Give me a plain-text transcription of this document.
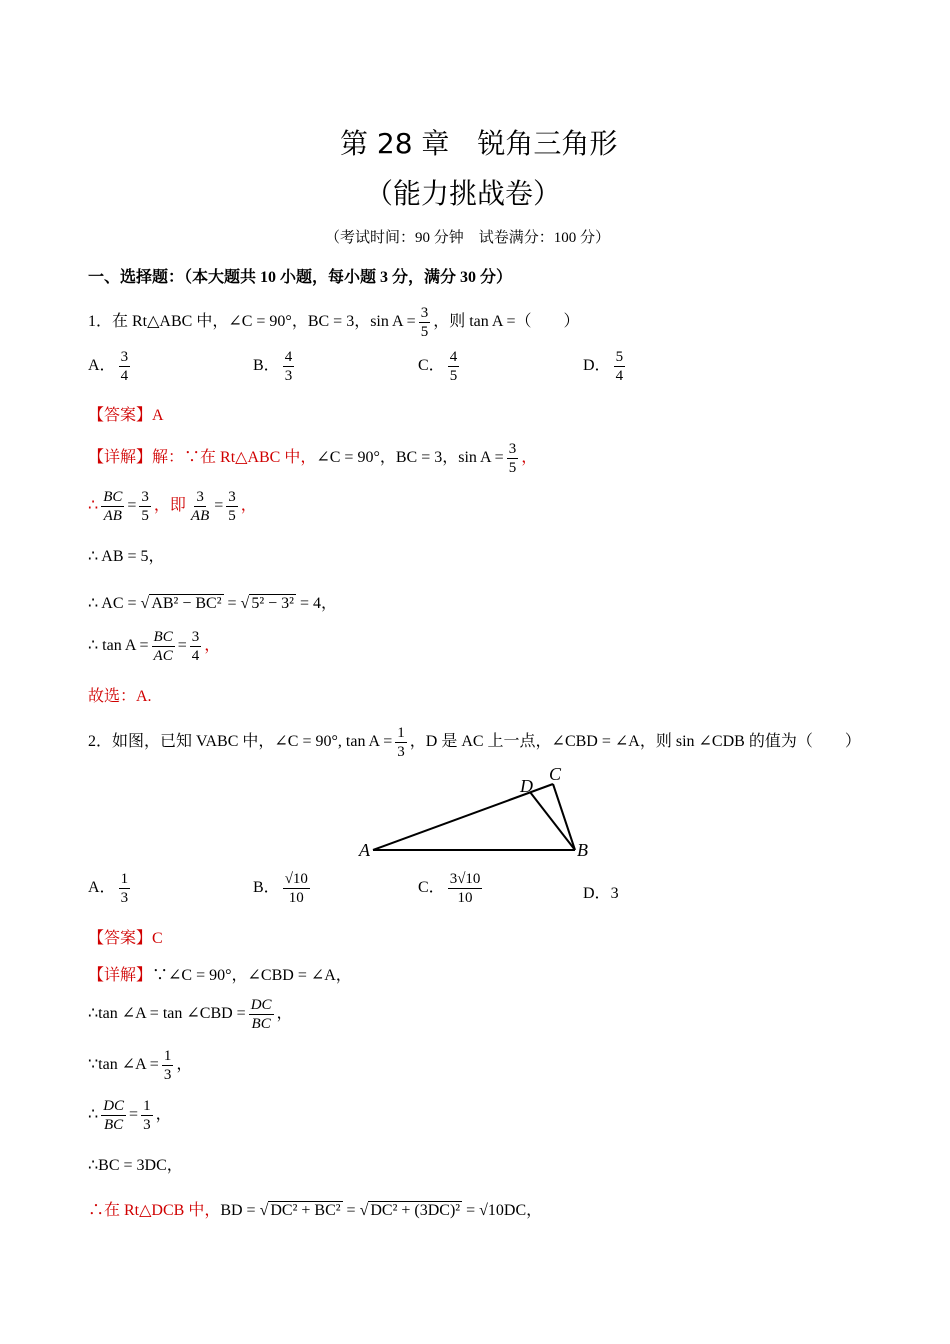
第 28 章　锐角三角形
（能力挑战卷）
（考试时间：90 分钟　试卷满分：100 分）
一、选择题：（本大题共 10 小题，每小题 3 分，满分 30 分）
1．在 Rt△ABC 中，∠C = 90°，BC = 3，$\sin A = \frac{3}{5}$ ，则 tan A =（　　）
A． $\frac{3}{4}$	B． $\frac{4}{3}$	C． $\frac{4}{5}$	D． $\frac{5}{4}$
【答案】A
【详解】解：∵在 Rt△ABC 中，∠C = 90°，BC = 3，$\sin A = \frac{3}{5}$ ，
∴ $\frac{BC}{AB} = \frac{3}{5}$ ，即 $\frac{3}{AB} = \frac{3}{5}$ ，
∴ AB = 5，
∴ AC = √ AB² − BC² = √ 5² − 3² = 4，
∴ $\tan A = \frac{BC}{AC} = \frac{3}{4}$ ，
故选：A.
2．如图，已知 VABC 中，∠C = 90°, $\tan A = \frac{1}{3}$ ，D 是 AC 上一点，∠CBD = ∠A，则 sin ∠CDB 的值为（　　）
A	B
C
D
A． $\frac{1}{3}$	B． $\frac{√10}{10}$	C． $\frac{3√10}{10}$	D．3
【答案】C
【详解】∵∠C = 90°，∠CBD = ∠A，
∴tan ∠A = tan ∠CBD = $\frac{DC}{BC}$ ，
∵tan ∠A = $\frac{1}{3}$ ，
∴ $\frac{DC}{BC} = \frac{1}{3}$ ，
∴BC = 3DC，
∴在 Rt△DCB 中，BD = √ DC² + BC² = √ DC² + (3DC)² = √10DC，
